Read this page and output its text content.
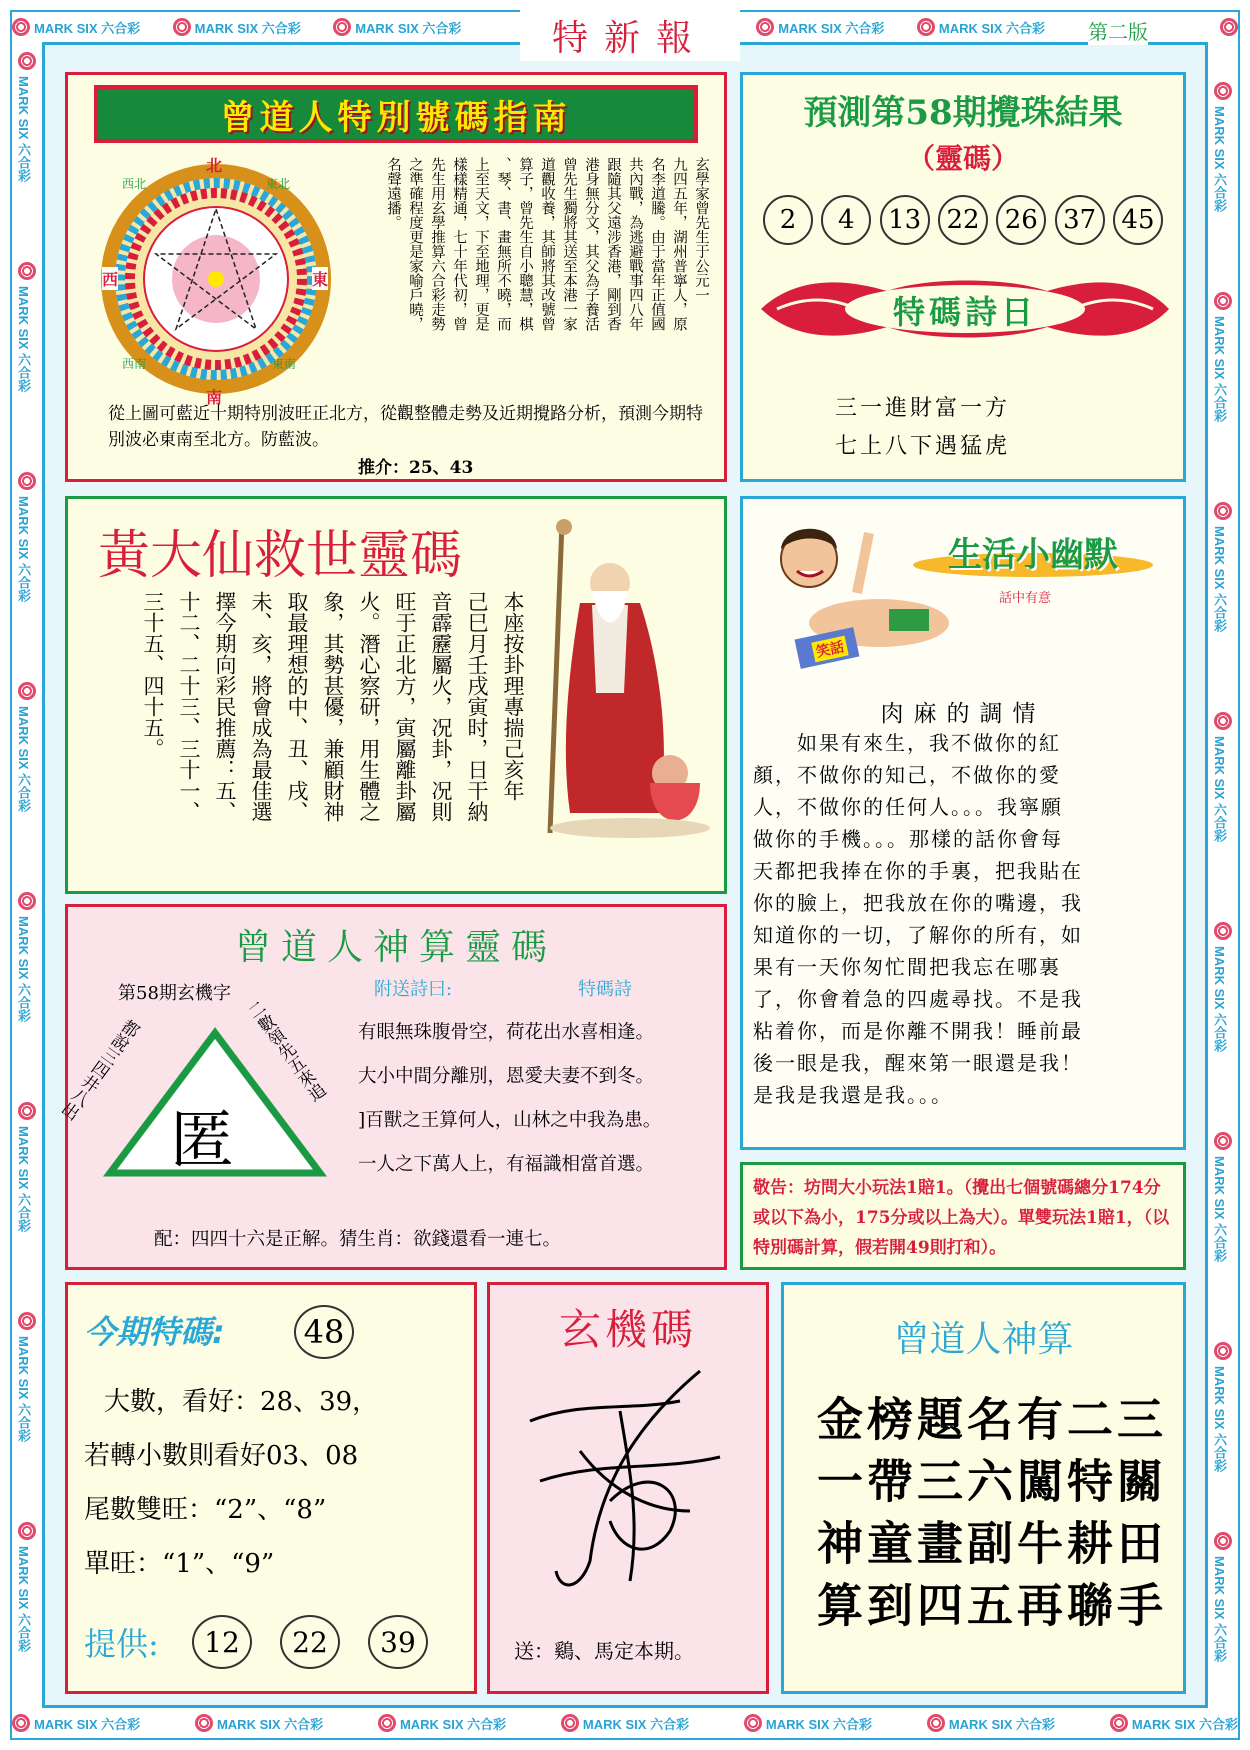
MARK SIX 六合彩	MARK SIX 六合彩	MARK SIX 六合彩	MARK SIX 六合彩	MARK SIX 六合彩
特新報	第二版
MARK SIX 六合彩	MARK SIX 六合彩	MARK SIX 六合彩	MARK SIX 六合彩	MARK SIX 六合彩	MARK SIX 六合彩	MARK SIX 六合彩
MARK SIX 六合彩
MARK SIX 六合彩
MARK SIX 六合彩
MARK SIX 六合彩
MARK SIX 六合彩
MARK SIX 六合彩
MARK SIX 六合彩
MARK SIX 六合彩
MARK SIX 六合彩
MARK SIX 六合彩
MARK SIX 六合彩
MARK SIX 六合彩
MARK SIX 六合彩
MARK SIX 六合彩
MARK SIX 六合彩
MARK SIX 六合彩
曾道人特別號碼指南
北
南
東
西
東北
西北
東南
西南
玄學家曾先生于公元一
九四五年，湖州普寧人，原
名李道騰。由于當年正值國
共內戰，為逃避戰事四八年
跟隨其父遠涉香港，剛到香
港身無分文，其父為子養活
曾先生獨將其送至本港一家
道觀收養，其師將其改號曾
算子，曾先生自小聰慧，棋
、琴、書、畫無所不曉，而
上至天文，下至地理，更是
樣樣精通，七十年代初，曾
先生用玄學推算六合彩走勢
之準確程度更是家喻戶曉，
名聲遠播。
從上圖可藍近十期特別波旺正北方，從觀整體走勢及近期攪路分析，預測今期特別波必東南至北方。防藍波。
推介：25、43
預測第58期攪珠結果
（靈碼）
2	4	13 22 26 37 45
特碼詩日
三一進財富一方
七上八下遇猛虎
黃大仙救世靈碼
本座按卦理專揣己亥年
己巳月壬戌寅时，日干納
音霹靂屬火，况卦，况則
旺于正北方，寅屬離卦屬
火。潛心察研，用生體之
象，其勢甚優，兼顧財神
取最理想的中、丑、戌、
未、亥，將會成為最佳選
擇今期向彩民推薦：五、
十二、二十三、三十一、
三十五、四十五。	笑話
生活小幽默
話中有意
肉麻的調情
　　如果有來生，我不做你的紅
顏，不做你的知己，不做你的愛
人，不做你的任何人。。。我寧願
做你的手機。。。那樣的話你會每
天都把我捧在你的手裏，把我貼在
你的臉上，把我放在你的嘴邊，我
知道你的一切，了解你的所有，如
果有一天你匆忙間把我忘在哪裏
了，你會着急的四處尋找。不是我
粘着你，而是你離不開我！睡前最
後一眼是我，醒來第一眼還是我！
是我是我還是我。。。
曾道人神算靈碼
第58期玄機字	附送詩曰:	特碼詩
匿
都說三四井八出	二數領先五來追	有眼無珠腹骨空，荷花出水喜相逢。
大小中間分離別，恩愛夫妻不到冬。
]百獸之王算何人，山林之中我為患。
一人之下萬人上，有福識相當首選。
配：四四十六是正解。猜生肖：欲錢還看一連七。
敬告：坊問大小玩法1賠1。（攪出七個號碼總分174分或以下為小，175分或以上為大）。單雙玩法1賠1，（以特別碼計算，假若開49則打和）。
今期特碼:	48
大數，看好：28、39，
若轉小數則看好03、08
尾數雙旺：“2”、“8”
單旺：“1”、“9”
提供:	12	22	39
玄機碼
送：鷄、馬定本期。
曾道人神算
三關田手
二特耕聯
有闖牛再
名六副五
題三畫四
榜帶童到
金一神算
